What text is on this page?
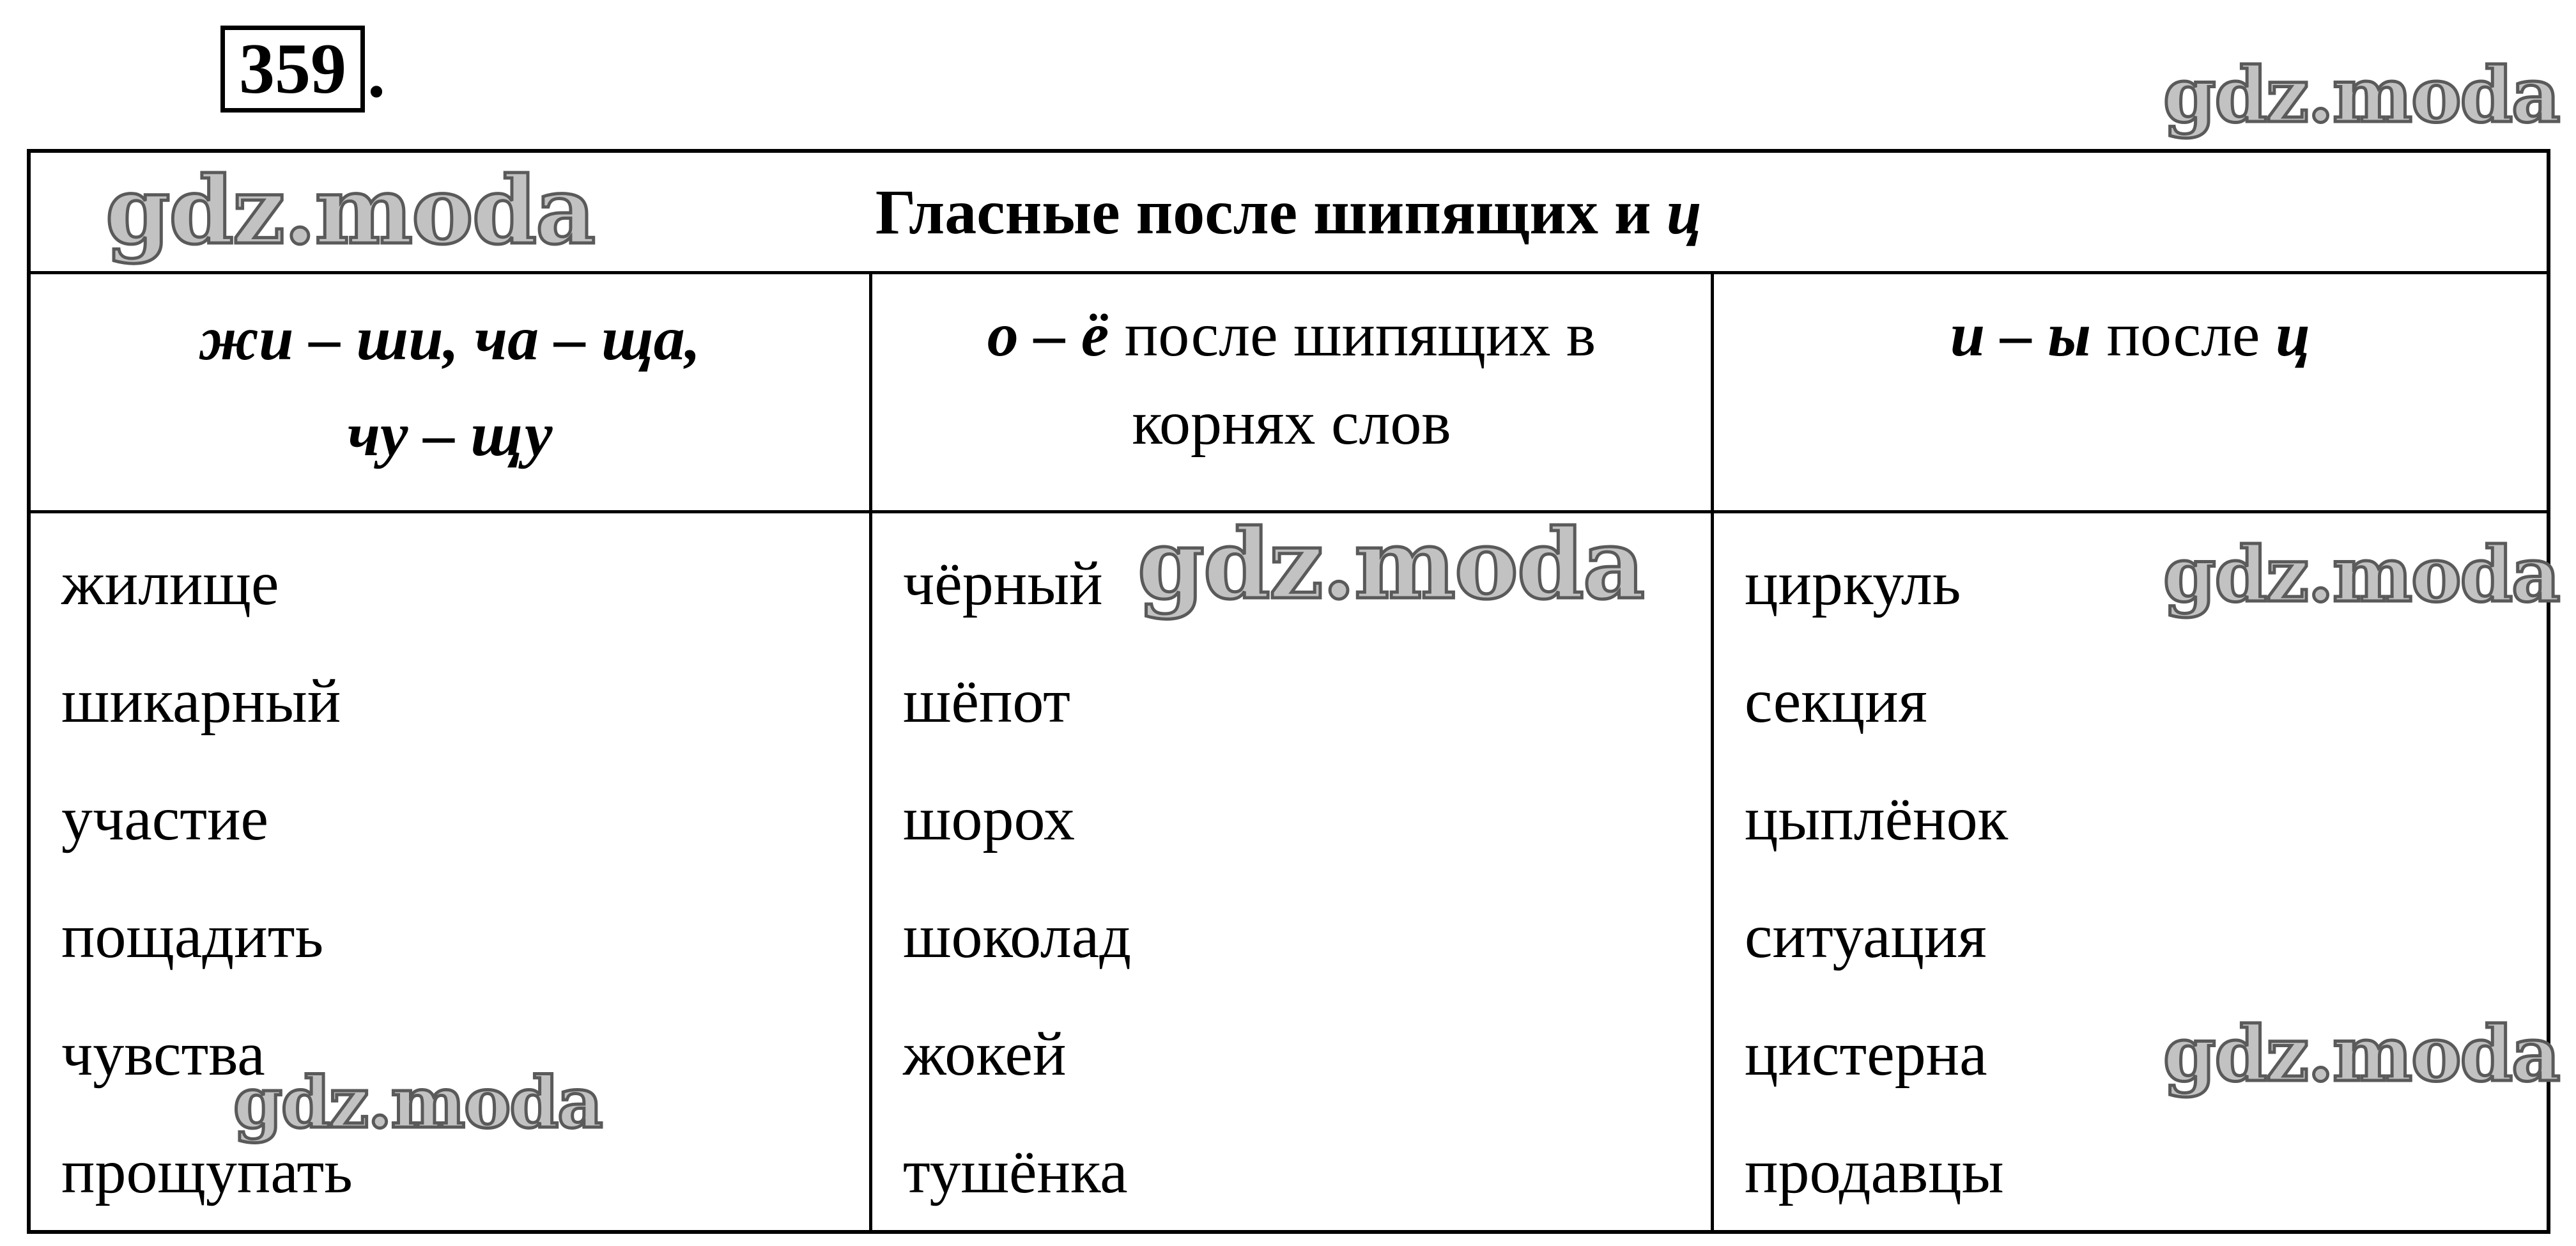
359 .
Гласные после шипящих и ц
жи – ши, ча – ща,
чу – щу
о – ё после шипящих в
корнях слов
и – ы после ц
жилище
шикарный
участие
пощадить
чувства
прощупать
чёрный
шёпот
шорох
шоколад
жокей
тушёнка
циркуль
секция
цыплёнок
ситуация
цистерна
продавцы
gdz.moda
gdz.moda
gdz.moda	gdz.moda
gdz.moda
gdz.moda
